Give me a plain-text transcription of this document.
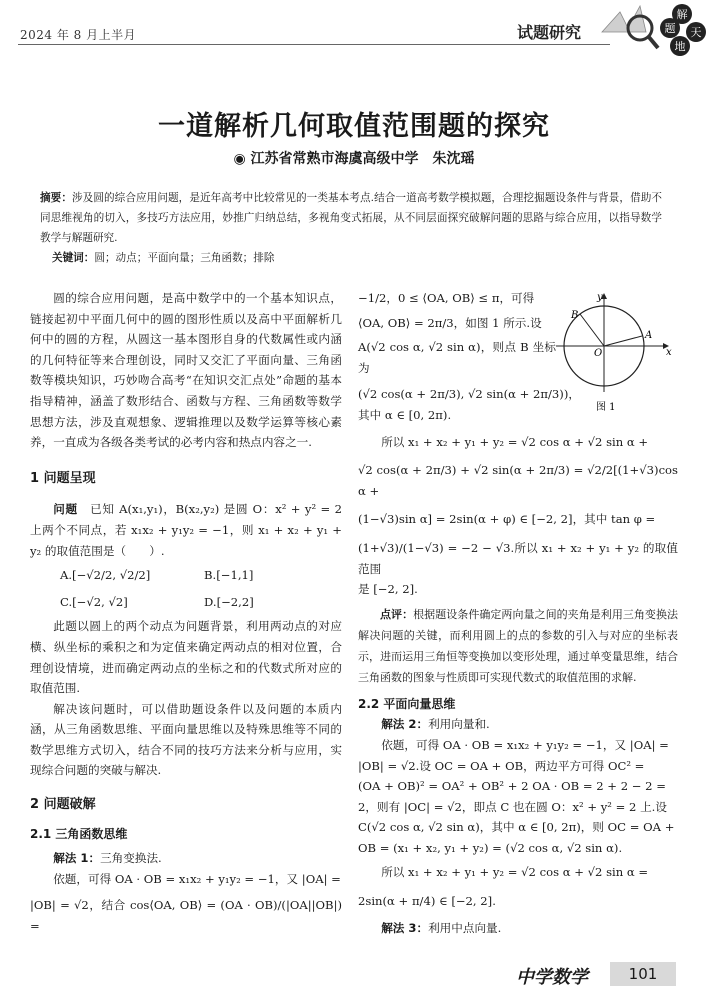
2024 年 8 月上半月	试题研究
解
题 天
地
一道解析几何取值范围题的探究
◉ 江苏省常熟市海虞高级中学　朱沈瑶
摘要：涉及圆的综合应用问题，是近年高考中比较常见的一类基本考点.结合一道高考数学模拟题，合理挖掘题设条件与背景，借助不同思维视角的切入，多技巧方法应用，妙推广归纳总结，多视角变式拓展，从不同层面探究破解问题的思路与综合应用，以指导数学教学与解题研究.
关键词：圆；动点；平面向量；三角函数；排除

圆的综合应用问题，是高中数学中的一个基本知识点，链接起初中平面几何中的圆的图形性质以及高中平面解析几何中的圆的方程，从圆这一基本图形自身的代数属性或内涵的几何特征等来合理创设，同时又交汇了平面向量、三角函数等模块知识，巧妙吻合高考“在知识交汇点处”命题的基本指导精神，涵盖了数形结合、函数与方程、三角函数等数学思想方法，涉及直观想象、逻辑推理以及数学运算等核心素养，一直成为各级各类考试的必考内容和热点内容之一.

1 问题呈现

问题　 已知 A(x₁,y₁)，B(x₂,y₂) 是圆 O：x² + y² = 2 上两个不同点，若 x₁x₂ + y₁y₂ = −1，则 x₁ + x₂ + y₁ + y₂ 的取值范围是（　　）.

A.[−√2/2, √2/2]	B.[−1,1]
C.[−√2, √2]	D.[−2,2]

此题以圆上的两个动点为问题背景，利用两动点的对应横、纵坐标的乘积之和为定值来确定两动点的相对位置，合理创设情境，进而确定两动点的坐标之和的代数式所对应的取值范围.

解决该问题时，可以借助题设条件以及问题的本质内涵，从三角函数思维、平面向量思维以及特殊思维等不同的数学思维方式切入，结合不同的技巧方法来分析与应用，实现综合问题的突破与解决.

2 问题破解

2.1 三角函数思维

解法 1：三角变换法.

依题，可得 OA · OB = x₁x₂ + y₁y₂ = −1，又 |OA| =

|OB| = √2，结合 cos⟨OA, OB⟩ = (OA · OB)/(|OA||OB|) =

y
x
A
B
O
图 1

−1/2，0 ≤ ⟨OA, OB⟩ ≤ π，可得

⟨OA, OB⟩ = 2π/3，如图 1 所示.设

A(√2 cos α, √2 sin α)，则点 B 坐标为

(√2 cos(α + 2π/3), √2 sin(α + 2π/3))，

其中 α ∈ [0, 2π).

所以 x₁ + x₂ + y₁ + y₂ = √2 cos α + √2 sin α +

√2 cos(α + 2π/3) + √2 sin(α + 2π/3) = √2/2[(1+√3)cos α +

(1−√3)sin α] = 2sin(α + φ) ∈ [−2, 2]，其中 tan φ =

(1+√3)/(1−√3) = −2 − √3.所以 x₁ + x₂ + y₁ + y₂ 的取值范围

是 [−2, 2].

点评：根据题设条件确定两向量之间的夹角是利用三角变换法解决问题的关键，而利用圆上的点的参数的引入与对应的坐标表示，进而运用三角恒等变换加以变形处理，通过单变量思维，结合三角函数的图象与性质即可实现代数式的取值范围的求解.

2.2 平面向量思维

解法 2：利用向量和.

依题，可得 OA · OB = x₁x₂ + y₁y₂ = −1，又 |OA| =

|OB| = √2.设 OC = OA + OB，两边平方可得 OC² =

(OA + OB)² = OA² + OB² + 2 OA · OB = 2 + 2 − 2 =

2，则有 |OC| = √2，即点 C 也在圆 O：x² + y² = 2 上.设

C(√2 cos α, √2 sin α)，其中 α ∈ [0, 2π)，则 OC = OA +

OB = (x₁ + x₂, y₁ + y₂) = (√2 cos α, √2 sin α).

所以 x₁ + x₂ + y₁ + y₂ = √2 cos α + √2 sin α =

2sin(α + π/4) ∈ [−2, 2].

解法 3：利用中点向量.

中学数学	101
